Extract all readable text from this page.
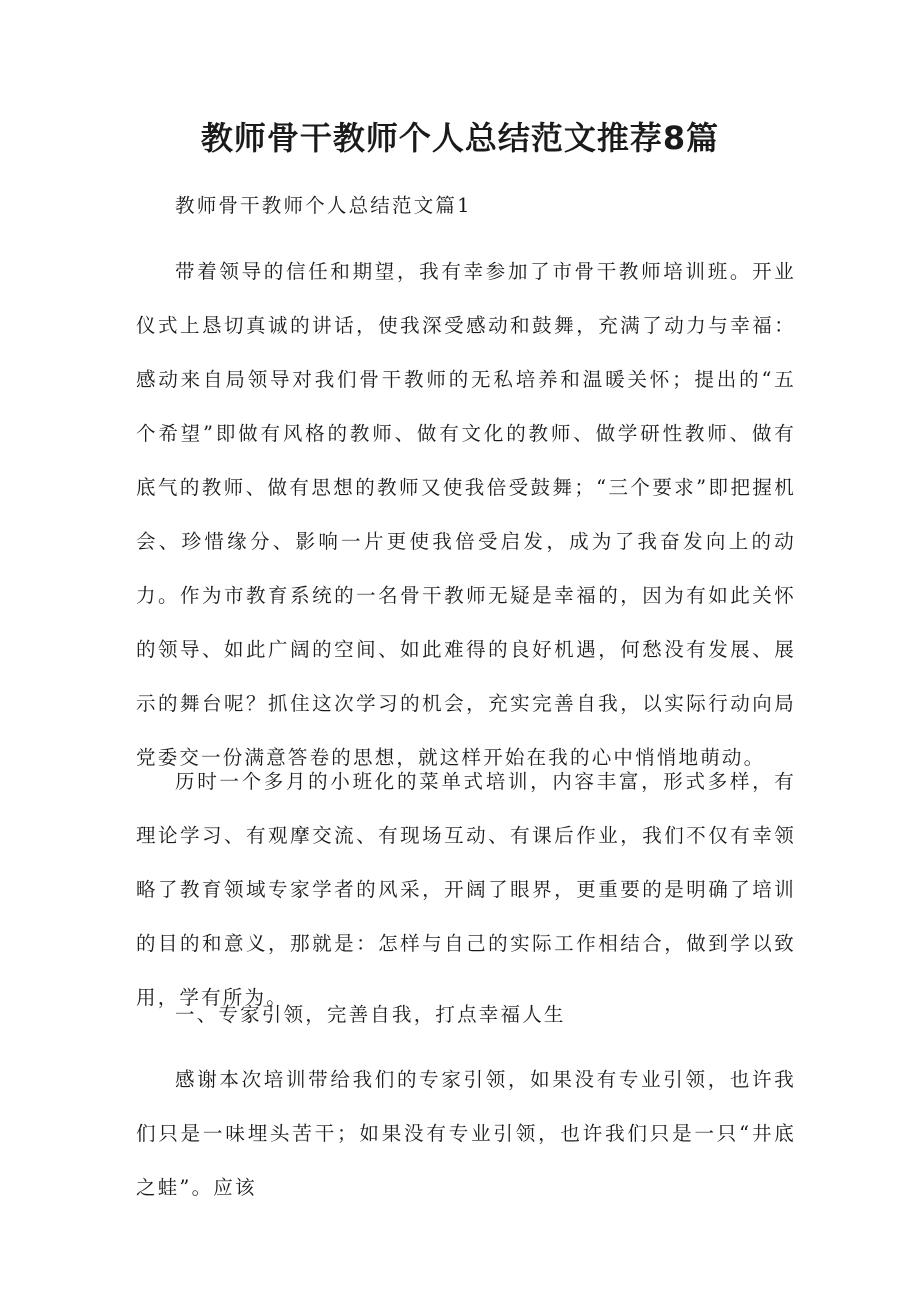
教师骨干教师个人总结范文推荐8篇

教师骨干教师个人总结范文篇1

带着领导的信任和期望，我有幸参加了市骨干教师培训班。开业仪式上恳切真诚的讲话，使我深受感动和鼓舞，充满了动力与幸福：感动来自局领导对我们骨干教师的无私培养和温暖关怀；提出的“五个希望”即做有风格的教师、做有文化的教师、做学研性教师、做有底气的教师、做有思想的教师又使我倍受鼓舞；“三个要求”即把握机会、珍惜缘分、影响一片更使我倍受启发，成为了我奋发向上的动力。作为市教育系统的一名骨干教师无疑是幸福的，因为有如此关怀的领导、如此广阔的空间、如此难得的良好机遇，何愁没有发展、展示的舞台呢？抓住这次学习的机会，充实完善自我，以实际行动向局党委交一份满意答卷的思想，就这样开始在我的心中悄悄地萌动。

历时一个多月的小班化的菜单式培训，内容丰富，形式多样，有理论学习、有观摩交流、有现场互动、有课后作业，我们不仅有幸领略了教育领域专家学者的风采，开阔了眼界，更重要的是明确了培训的目的和意义，那就是：怎样与自己的实际工作相结合，做到学以致用，学有所为。

一、专家引领，完善自我，打点幸福人生

感谢本次培训带给我们的专家引领，如果没有专业引领，也许我们只是一味埋头苦干；如果没有专业引领，也许我们只是一只“井底之蛙”。应该
